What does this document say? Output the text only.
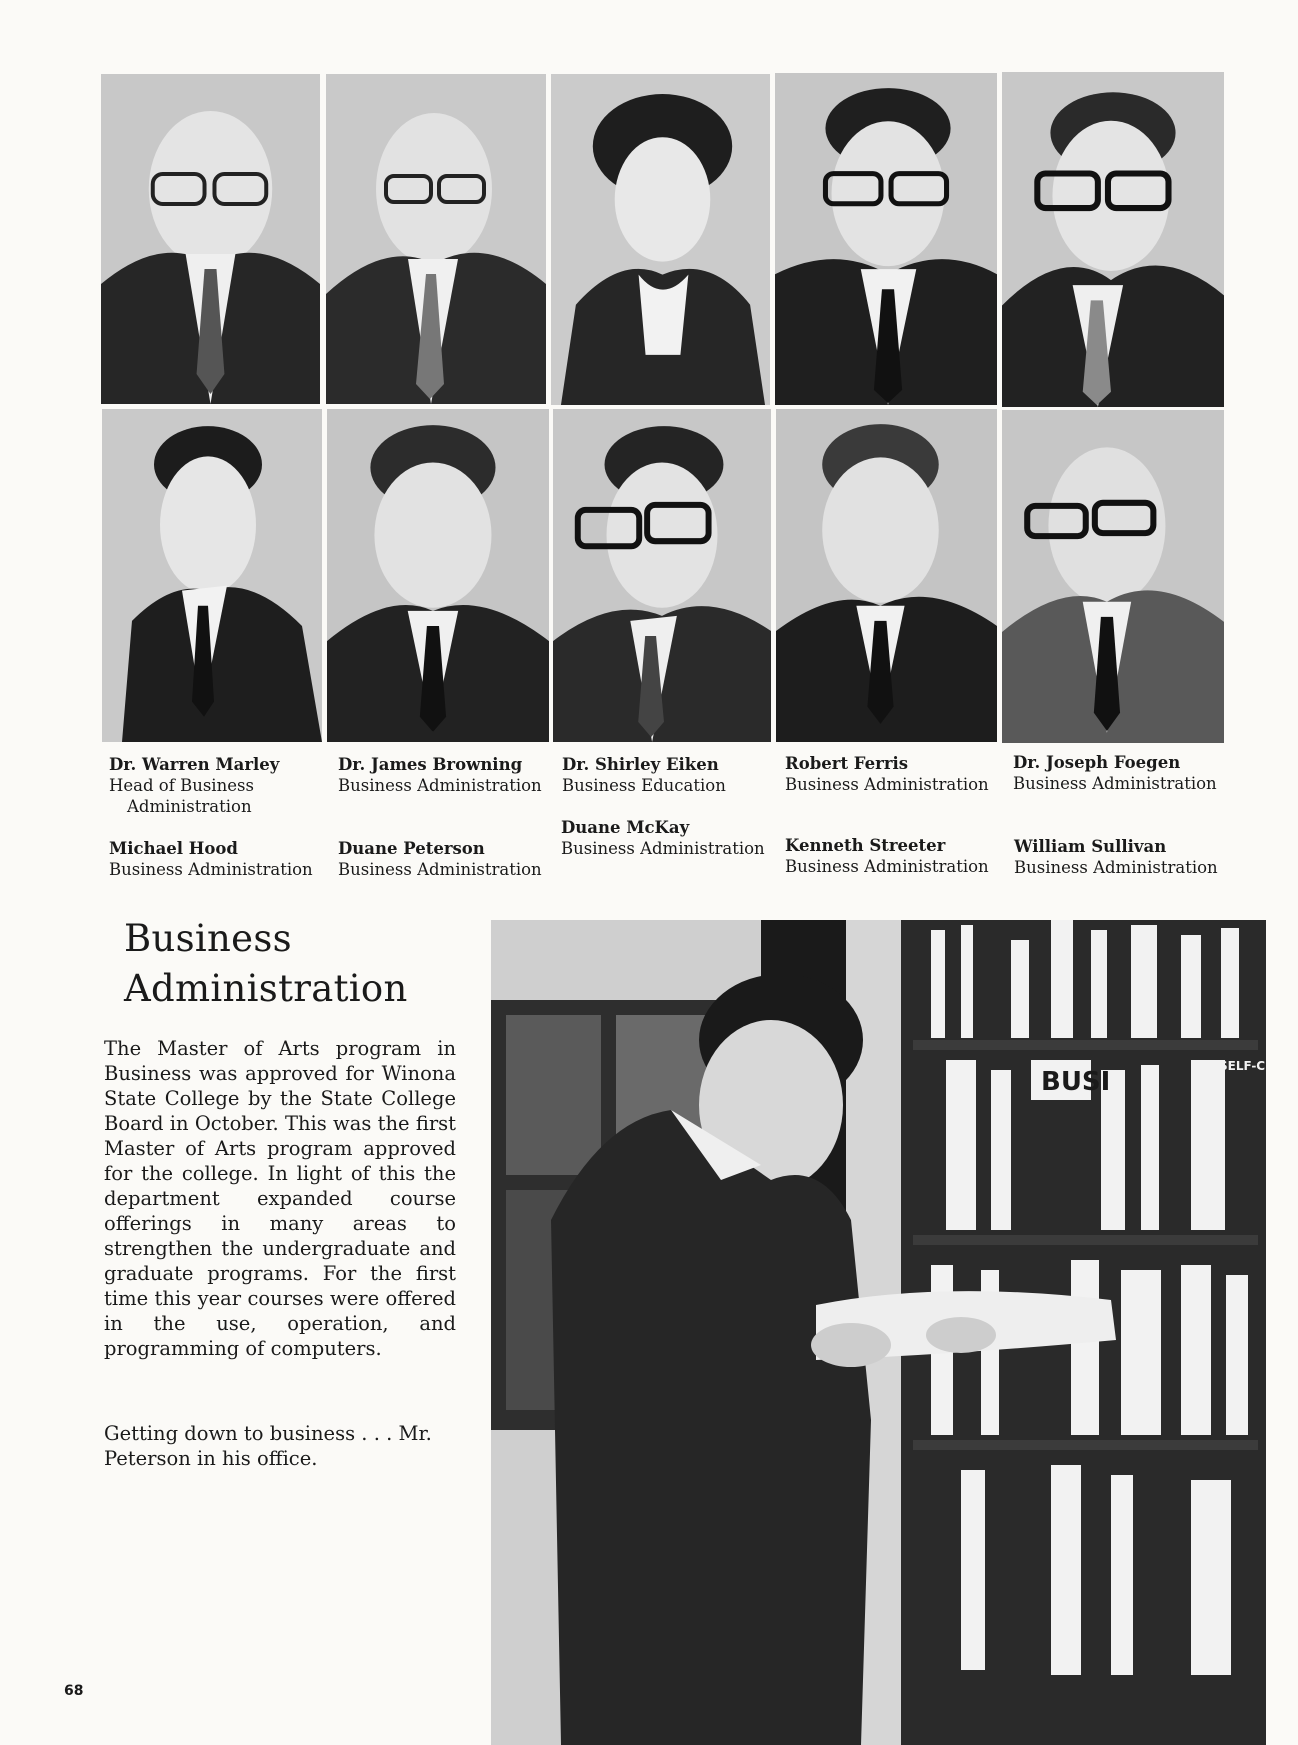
Dr. Warren Marley
Head of Business Administration
Dr. James Browning
Business Administration
Dr. Shirley Eiken
Business Education
Robert Ferris
Business Administration
Dr. Joseph Foegen
Business Administration
Michael Hood
Business Administration
Duane Peterson
Business Administration
Duane McKay
Business Administration Kenneth Streeter
Business Administration
William Sullivan
Business Administration
Business
Administration

The Master of Arts program in Business was approved for Winona State College by the State College Board in October. This was the first Master of Arts program approved for the college. In light of this the department expanded course offerings in many areas to strengthen the undergraduate and graduate programs. For the first time this year courses were offered in the use, operation, and programming of computers.

Getting down to business . . . Mr. Peterson in his office.

BUSI
SELF-C
68
